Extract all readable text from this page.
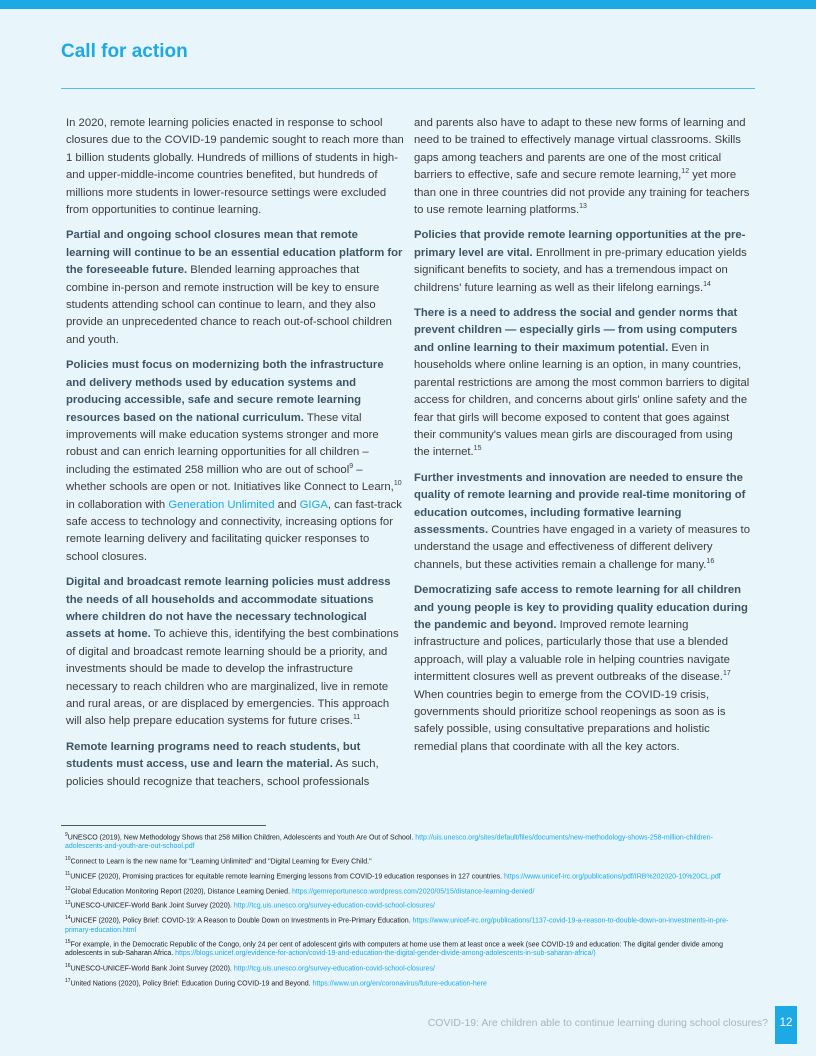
Call for action

In 2020, remote learning policies enacted in response to school closures due to the COVID-19 pandemic sought to reach more than 1 billion students globally. Hundreds of millions of students in high- and upper-middle-income countries benefited, but hundreds of millions more students in lower-resource settings were excluded from opportunities to continue learning.

Partial and ongoing school closures mean that remote learning will continue to be an essential education platform for the foreseeable future. Blended learning approaches that combine in-person and remote instruction will be key to ensure students attending school can continue to learn, and they also provide an unprecedented chance to reach out-of-school children and youth.

Policies must focus on modernizing both the infrastructure and delivery methods used by education systems and producing accessible, safe and secure remote learning resources based on the national curriculum. These vital improvements will make education systems stronger and more robust and can enrich learning opportunities for all children – including the estimated 258 million who are out of school$^9$ – whether schools are open or not. Initiatives like Connect to Learn,$^{10}$ in collaboration with Generation Unlimited and GIGA, can fast-track safe access to technology and connectivity, increasing options for remote learning delivery and facilitating quicker responses to school closures.

Digital and broadcast remote learning policies must address the needs of all households and accommodate situations where children do not have the necessary technological assets at home. To achieve this, identifying the best combinations of digital and broadcast remote learning should be a priority, and investments should be made to develop the infrastructure necessary to reach children who are marginalized, live in remote and rural areas, or are displaced by emergencies. This approach will also help prepare education systems for future crises.$^{11}$

Remote learning programs need to reach students, but students must access, use and learn the material. As such, policies should recognize that teachers, school professionals

and parents also have to adapt to these new forms of learning and need to be trained to effectively manage virtual classrooms. Skills gaps among teachers and parents are one of the most critical barriers to effective, safe and secure remote learning,$^{12}$ yet more than one in three countries did not provide any training for teachers to use remote learning platforms.$^{13}$

Policies that provide remote learning opportunities at the pre-primary level are vital. Enrollment in pre-primary education yields significant benefits to society, and has a tremendous impact on childrens' future learning as well as their lifelong earnings.$^{14}$

There is a need to address the social and gender norms that prevent children — especially girls — from using computers and online learning to their maximum potential. Even in households where online learning is an option, in many countries, parental restrictions are among the most common barriers to digital access for children, and concerns about girls' online safety and the fear that girls will become exposed to content that goes against their community's values mean girls are discouraged from using the internet.$^{15}$

Further investments and innovation are needed to ensure the quality of remote learning and provide real-time monitoring of education outcomes, including formative learning assessments. Countries have engaged in a variety of measures to understand the usage and effectiveness of different delivery channels, but these activities remain a challenge for many.$^{16}$

Democratizing safe access to remote learning for all children and young people is key to providing quality education during the pandemic and beyond. Improved remote learning infrastructure and polices, particularly those that use a blended approach, will play a valuable role in helping countries navigate intermittent closures well as prevent outbreaks of the disease.$^{17}$ When countries begin to emerge from the COVID-19 crisis, governments should prioritize school reopenings as soon as is safely possible, using consultative preparations and holistic remedial plans that coordinate with all the key actors.

$^9$UNESCO (2019), New Methodology Shows that 258 Million Children, Adolescents and Youth Are Out of School. http://uis.unesco.org/sites/default/files/documents/new-methodology-shows-258-million-children-adolescents-and-youth-are-out-school.pdf
$^{10}$Connect to Learn is the new name for "Learning Unlimited" and "Digital Learning for Every Child."
$^{11}$UNICEF (2020), Promising practices for equitable remote learning Emerging lessons from COVID-19 education responses in 127 countries. https://www.unicef-irc.org/publications/pdf/IRB%202020-10%20CL.pdf
$^{12}$Global Education Monitoring Report (2020), Distance Learning Denied. https://gemreportunesco.wordpress.com/2020/05/15/distance-learning-denied/
$^{13}$UNESCO-UNICEF-World Bank Joint Survey (2020). http://tcg.uis.unesco.org/survey-education-covid-school-closures/
$^{14}$UNICEF (2020), Policy Brief: COVID-19: A Reason to Double Down on Investments in Pre-Primary Education. https://www.unicef-irc.org/publications/1137-covid-19-a-reason-to-double-down-on-investments-in-pre-primary-education.html
$^{15}$For example, in the Democratic Republic of the Congo, only 24 per cent of adolescent girls with computers at home use them at least once a week (see COVID-19 and education: The digital gender divide among adolescents in sub-Saharan Africa. https://blogs.unicef.org/evidence-for-action/covid-19-and-education-the-digital-gender-divide-among-adolescents-in-sub-saharan-africa/)
$^{16}$UNESCO-UNICEF-World Bank Joint Survey (2020). http://tcg.uis.unesco.org/survey-education-covid-school-closures/
$^{17}$United Nations (2020), Policy Brief: Education During COVID-19 and Beyond. https://www.un.org/en/coronavirus/future-education-here
COVID-19: Are children able to continue learning during school closures?	12
